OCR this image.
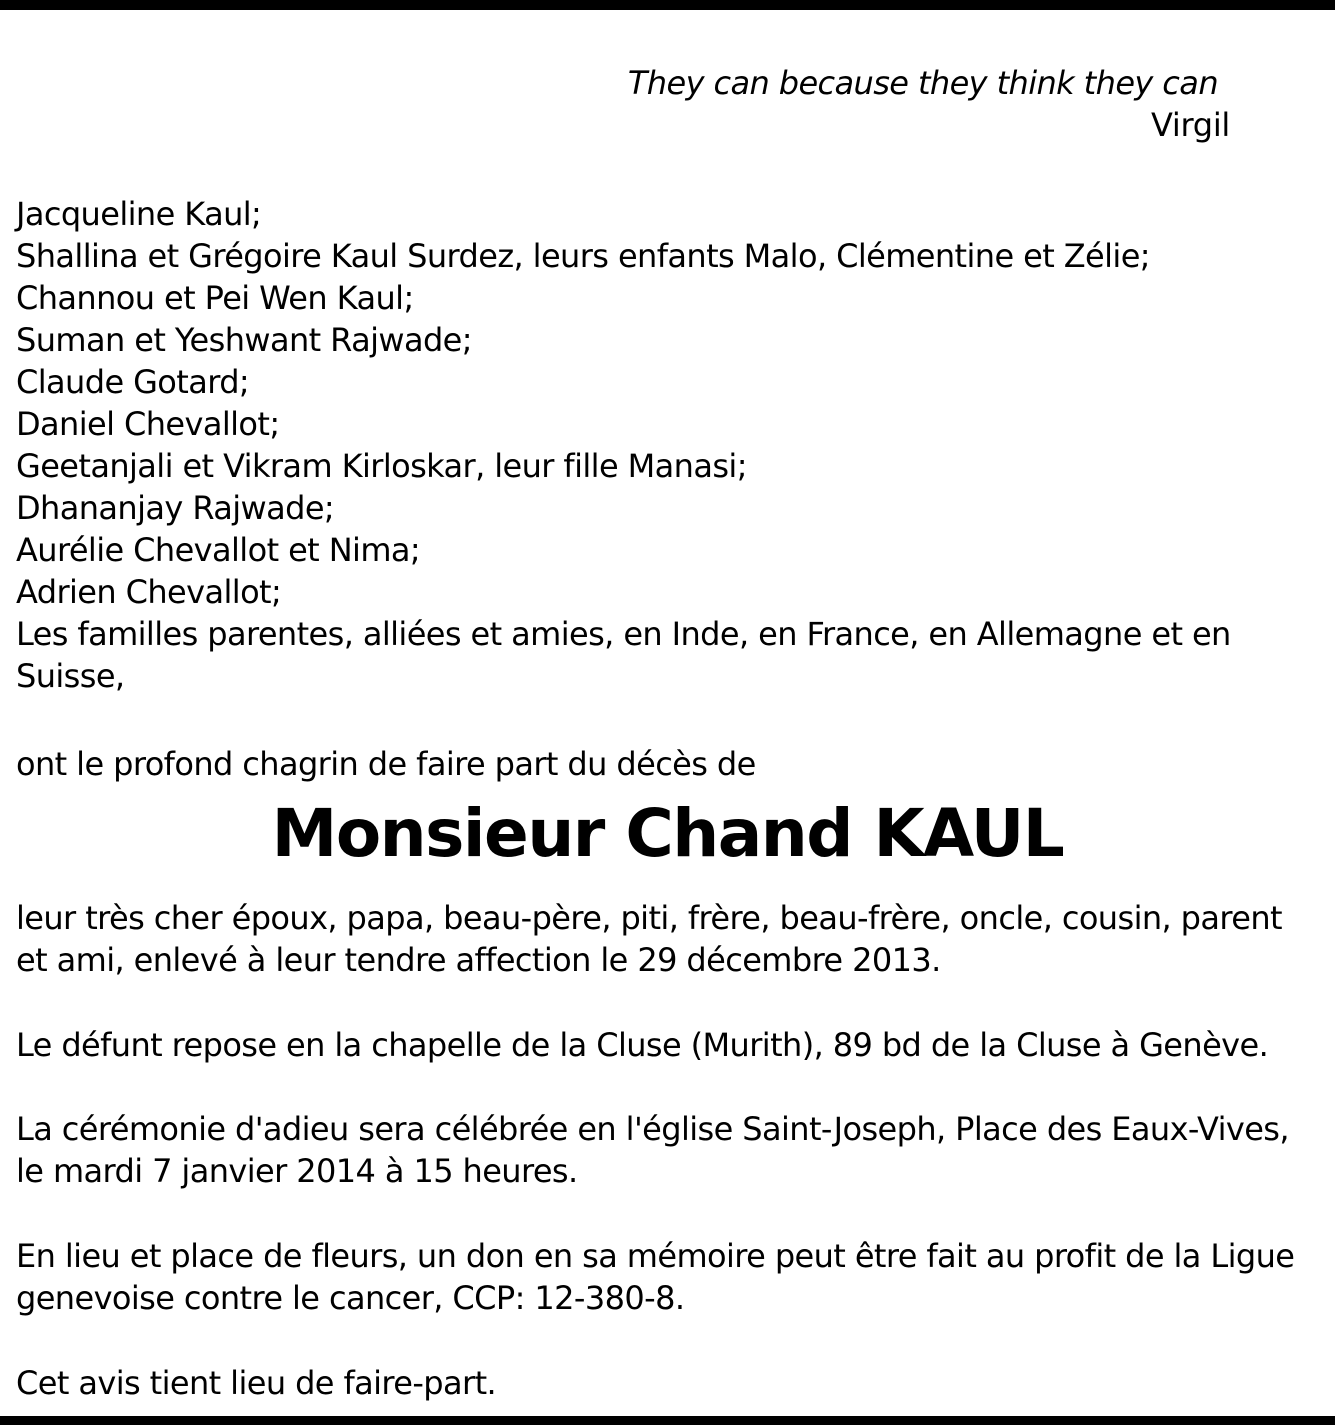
They can because they think they can
Virgil
Jacqueline Kaul;
Shallina et Grégoire Kaul Surdez, leurs enfants Malo, Clémentine et Zélie;
Channou et Pei Wen Kaul;
Suman et Yeshwant Rajwade;
Claude Gotard;
Daniel Chevallot;
Geetanjali et Vikram Kirloskar, leur fille Manasi;
Dhananjay Rajwade;
Aurélie Chevallot et Nima;
Adrien Chevallot;
Les familles parentes, alliées et amies, en Inde, en France, en Allemagne et en Suisse,

ont le profond chagrin de faire part du décès de

Monsieur Chand KAUL

leur très cher époux, papa, beau-père, piti, frère, beau-frère, oncle, cousin, parent et ami, enlevé à leur tendre affection le 29 décembre 2013.

Le défunt repose en la chapelle de la Cluse (Murith), 89 bd de la Cluse à Genève.

La cérémonie d'adieu sera célébrée en l'église Saint-Joseph, Place des Eaux-Vives, le mardi 7 janvier 2014 à 15 heures.

En lieu et place de fleurs, un don en sa mémoire peut être fait au profit de la Ligue genevoise contre le cancer, CCP: 12-380-8.

Cet avis tient lieu de faire-part.
